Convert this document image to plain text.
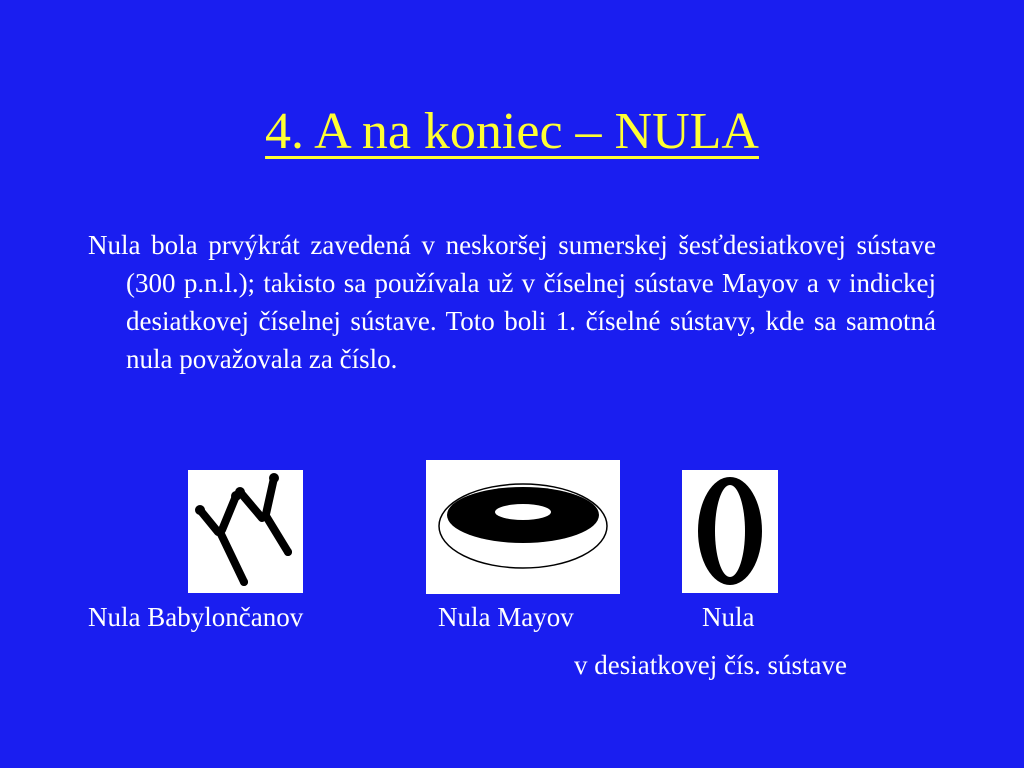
4. A na koniec – NULA

Nula bola prvýkrát zavedená v neskoršej sumerskej šesťdesiatkovej sústave (300 p.n.l.); takisto sa používala už v číselnej sústave Mayov a v indickej desiatkovej číselnej sústave. Toto boli 1. číselné sústavy, kde sa samotná nula považovala za číslo.

Nula Babylončanov	Nula Mayov	Nula
v desiatkovej čís. sústave
